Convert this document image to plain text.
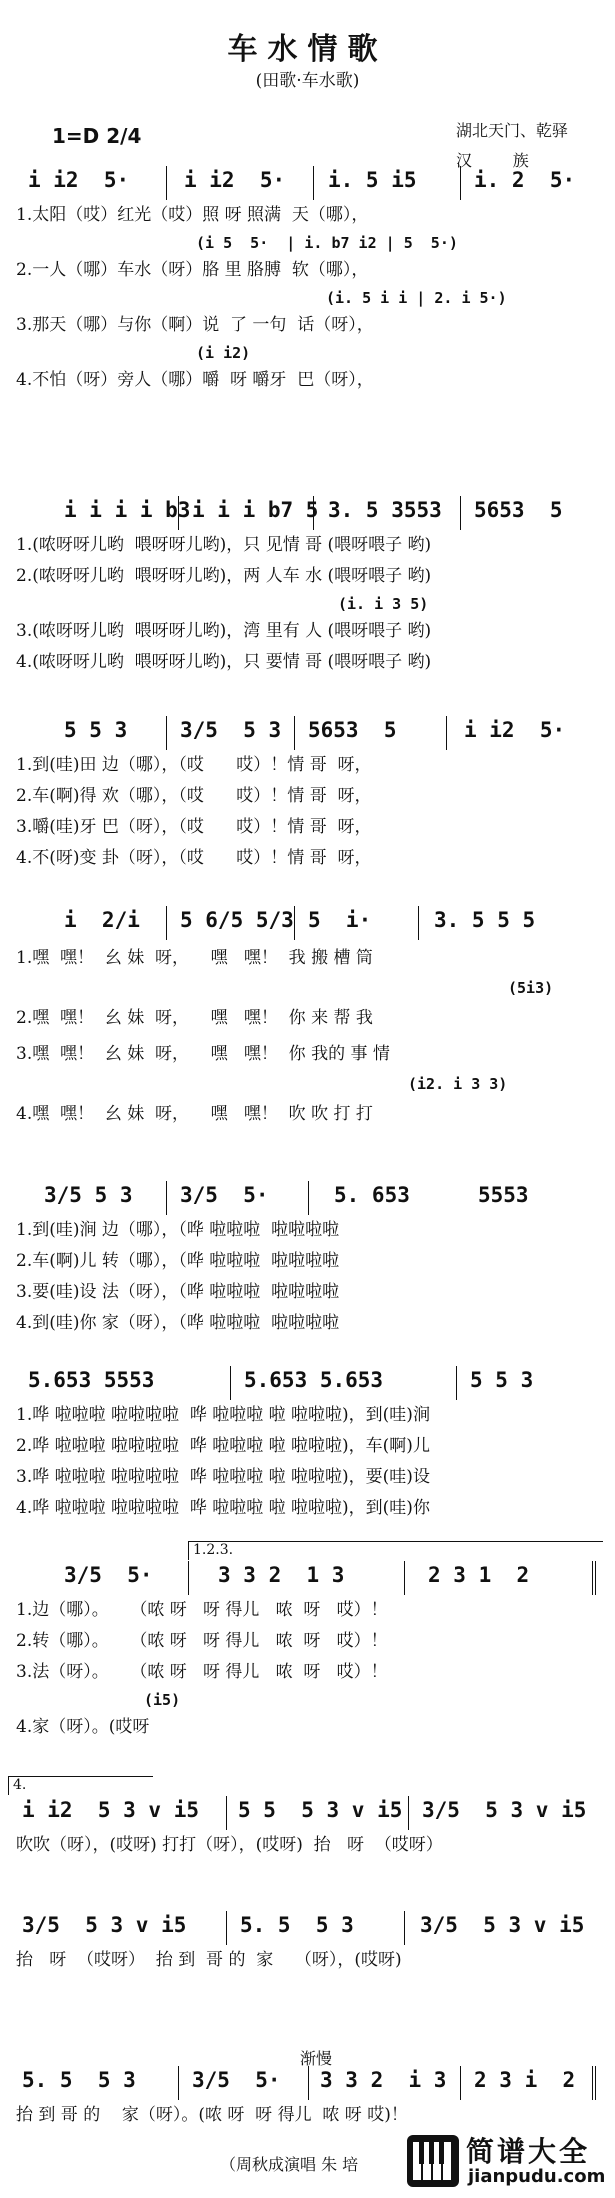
车水情歌
(田歌·车水歌)
1=D 2/4	湖北天门、乾驿
汉        族
i i2  5·	i i2  5· i. 5 i5	i. 2  5·
1.太阳（哎）红光（哎）照 呀 照满  天（哪），
(i 5  5·  | i. b7 i2 | 5  5·)
2.一人（哪）车水（呀）胳 里 胳膊  软（哪），
(i. 5 i i | 2. i 5·)
3.那天（哪）与你（啊）说  了 一句  话（呀），
(i i2)
4.不怕（呀）旁人（哪）嚼  呀 嚼牙  巴（呀），
i i i i b3 i i i b7 5 3. 5 3553 5653  5
1.(哝呀呀儿哟  喂呀呀儿哟)，只 见情 哥 (喂呀喂子 哟)
2.(哝呀呀儿哟  喂呀呀儿哟)，两 人车 水 (喂呀喂子 哟)
(i. i 3 5)
3.(哝呀呀儿哟  喂呀呀儿哟)，湾 里有 人 (喂呀喂子 哟)
4.(哝呀呀儿哟  喂呀呀儿哟)，只 要情 哥 (喂呀喂子 哟)
5 5 3	3/5  5 3 5653  5	i i2  5·
1.到(哇)田 边（哪），（哎      哎）！情 哥  呀，
2.车(啊)得 欢（哪），（哎      哎）！情 哥  呀，
3.嚼(哇)牙 巴（呀），（哎      哎）！情 哥  呀，
4.不(呀)变 卦（呀），（哎      哎）！情 哥  呀，
i  2/i 5 6/5 5/3 5  i·	3. 5 5 5
1.嘿  嘿！  幺 妹  呀，    嘿   嘿！  我 搬 槽 筒
(5i3)
2.嘿  嘿！  幺 妹  呀，    嘿   嘿！  你 来 帮 我
3.嘿  嘿！  幺 妹  呀，    嘿   嘿！  你 我的 事 情
(i2. i 3 3)
4.嘿  嘿！  幺 妹  呀，    嘿   嘿！  吹 吹 打 打
3/5 5 3 3/5  5·	5. 653	5553
1.到(哇)涧 边（哪），（哗 啦啦啦  啦啦啦啦
2.车(啊)儿 转（哪），（哗 啦啦啦  啦啦啦啦
3.要(哇)设 法（呀），（哗 啦啦啦  啦啦啦啦
4.到(哇)你 家（呀），（哗 啦啦啦  啦啦啦啦
5.653 5553	5.653 5.653	5 5 3
1.哗 啦啦啦 啦啦啦啦  哗 啦啦啦 啦 啦啦啦)，到(哇)涧
2.哗 啦啦啦 啦啦啦啦  哗 啦啦啦 啦 啦啦啦)，车(啊)儿
3.哗 啦啦啦 啦啦啦啦  哗 啦啦啦 啦 啦啦啦)，要(哇)设
4.哗 啦啦啦 啦啦啦啦  哗 啦啦啦 啦 啦啦啦)，到(哇)你
1.2.3.
3/5  5·	3 3 2  1 3	2 3 1  2
1.边（哪）。    （哝 呀   呀 得儿   哝  呀   哎）！
2.转（哪）。    （哝 呀   呀 得儿   哝  呀   哎）！
3.法（呀）。    （哝 呀   呀 得儿   哝  呀   哎）！
(i5)
4.家（呀）。(哎呀
4.
i i2  5 3 v i5 5 5  5 3 v i5 3/5  5 3 v i5
吹吹（呀），(哎呀) 打打（呀），(哎呀)  抬   呀  （哎呀）
3/5  5 3 v i5	5. 5  5 3	3/5  5 3 v i5
抬   呀  （哎呀）  抬 到  哥 的  家    （呀），(哎呀)
渐慢
5. 5  5 3	3/5  5· 3 3 2  i 3 2 3 i  2
抬 到 哥 的    家（呀）。(哝 呀  呀 得儿  哝 呀 哎)！
（周秋成演唱 朱 培	简谱大全
jianpudu.com
